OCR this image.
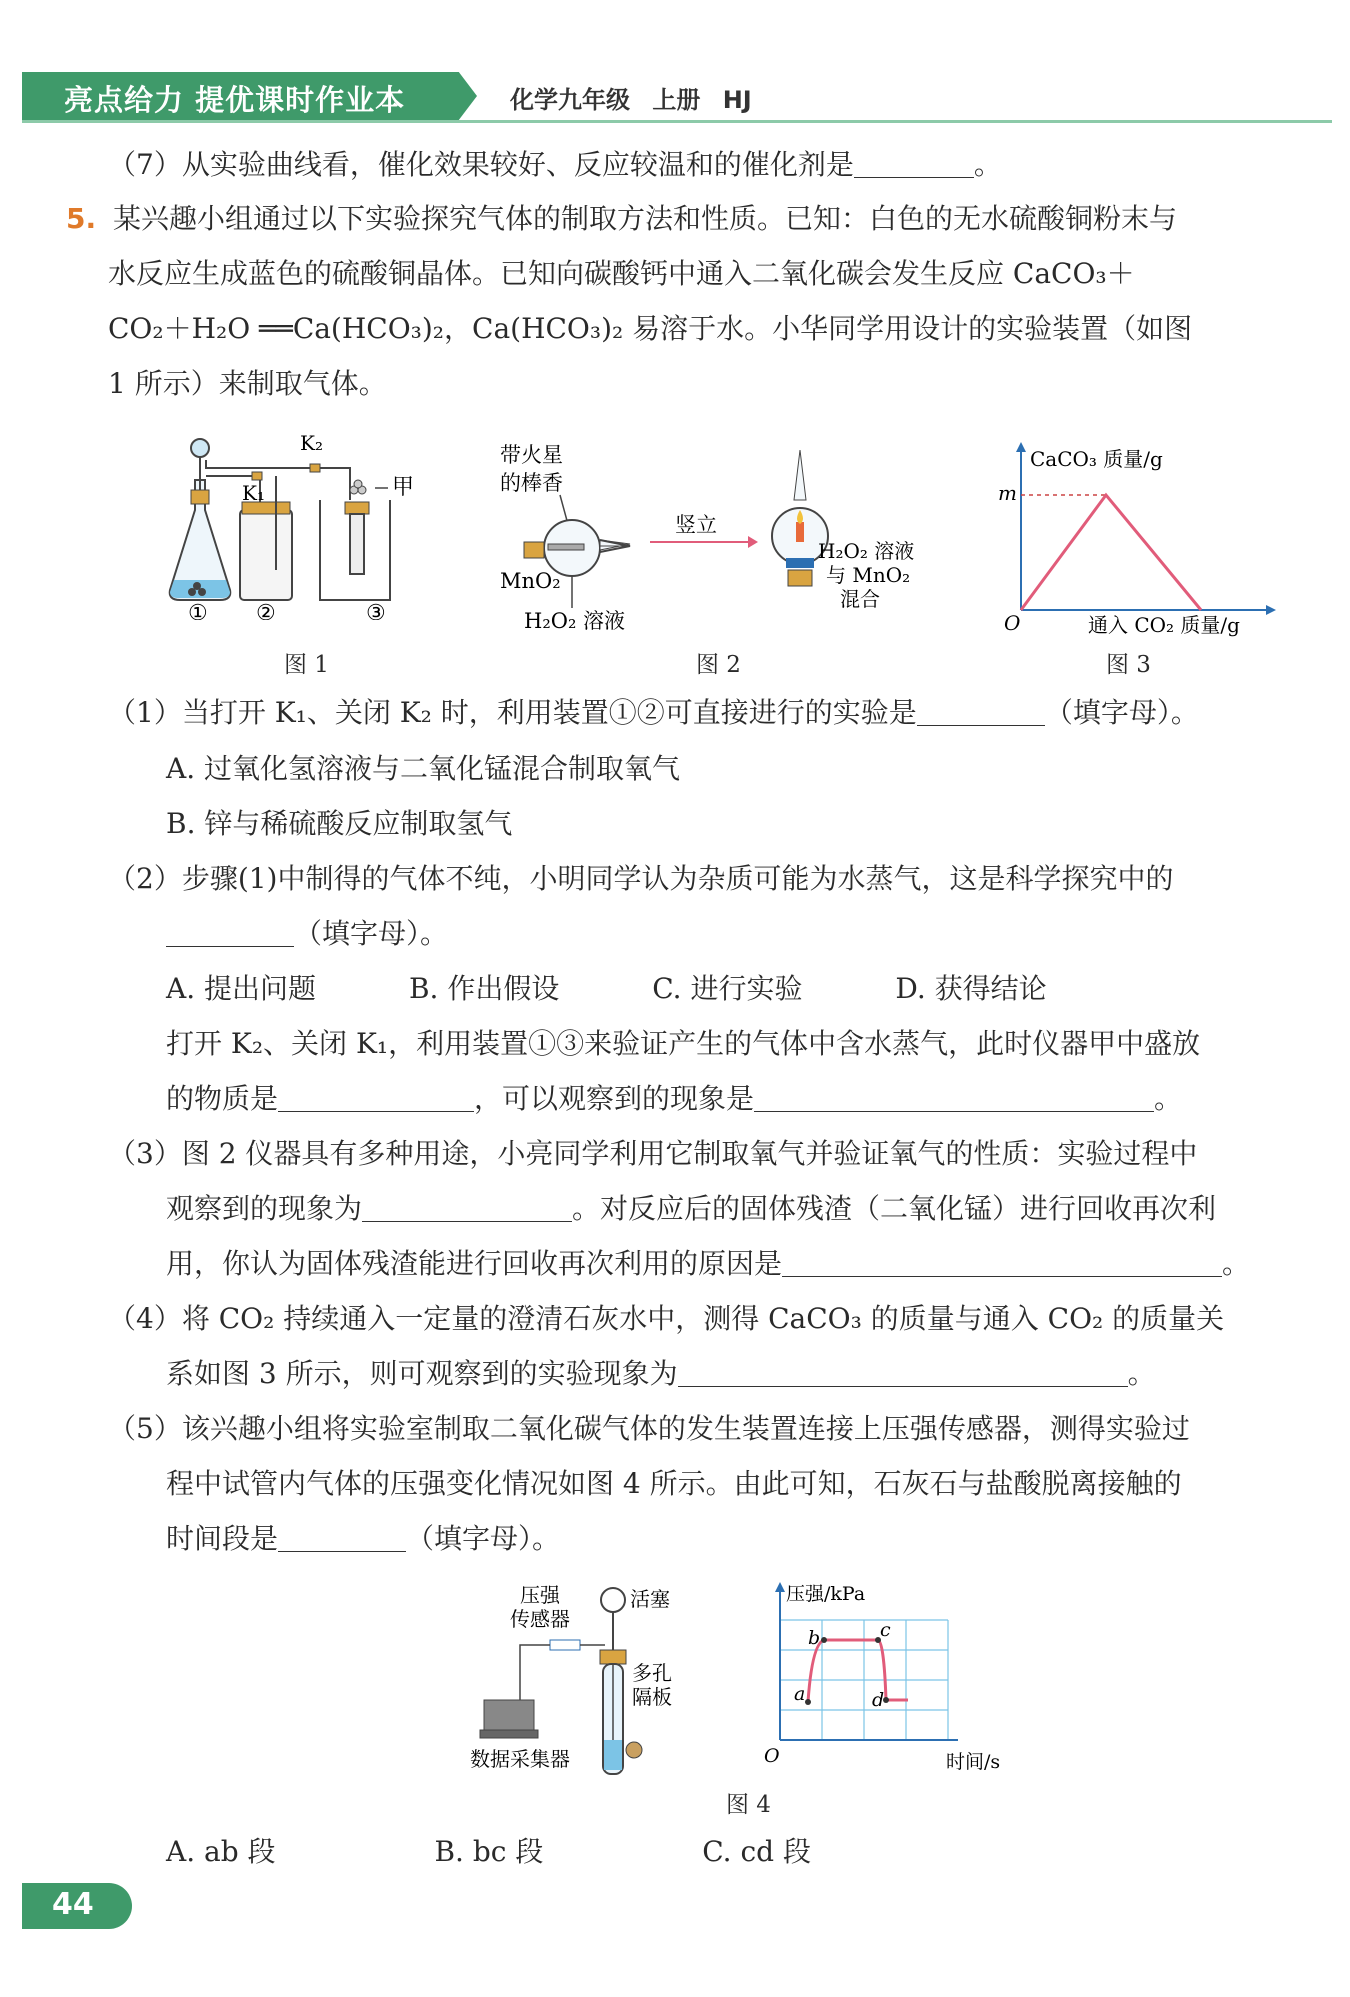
亮点给力 提优课时作业本	化学九年级 上册 HJ
（7）从实验曲线看，催化效果较好、反应较温和的催化剂是	。
5. 某兴趣小组通过以下实验探究气体的制取方法和性质。已知：白色的无水硫酸铜粉末与
水反应生成蓝色的硫酸铜晶体。已知向碳酸钙中通入二氧化碳会发生反应 CaCO₃＋
CO₂＋H₂O ══Ca(HCO₃)₂，Ca(HCO₃)₂ 易溶于水。小华同学用设计的实验装置（如图
1 所示）来制取气体。
K₂
K₁	甲
① ②	③
图 1
带火星
的棒香
MnO₂
H₂O₂ 溶液
竖立
H₂O₂ 溶液
与 MnO₂
混合
图 2
CaCO₃ 质量/g
m
O	通入 CO₂ 质量/g
图 3
（1）当打开 K₁、关闭 K₂ 时，利用装置①②可直接进行的实验是	（填字母）。
A. 过氧化氢溶液与二氧化锰混合制取氧气
B. 锌与稀硫酸反应制取氢气
（2）步骤(1)中制得的气体不纯，小明同学认为杂质可能为水蒸气，这是科学探究中的
（填字母）。
A. 提出问题	B. 作出假设	C. 进行实验	D. 获得结论
打开 K₂、关闭 K₁，利用装置①③来验证产生的气体中含水蒸气，此时仪器甲中盛放
的物质是	，可以观察到的现象是	。
（3）图 2 仪器具有多种用途，小亮同学利用它制取氧气并验证氧气的性质：实验过程中
观察到的现象为	。对反应后的固体残渣（二氧化锰）进行回收再次利
用，你认为固体残渣能进行回收再次利用的原因是	。
（4）将 CO₂ 持续通入一定量的澄清石灰水中，测得 CaCO₃ 的质量与通入 CO₂ 的质量关
系如图 3 所示，则可观察到的实验现象为	。
（5）该兴趣小组将实验室制取二氧化碳气体的发生装置连接上压强传感器，测得实验过
程中试管内气体的压强变化情况如图 4 所示。由此可知，石灰石与盐酸脱离接触的
时间段是	（填字母）。
压强
传感器
活塞
多孔
隔板
数据采集器
a
b	c
d
压强/kPa
O	时间/s
图 4
A. ab 段	B. bc 段	C. cd 段
44
